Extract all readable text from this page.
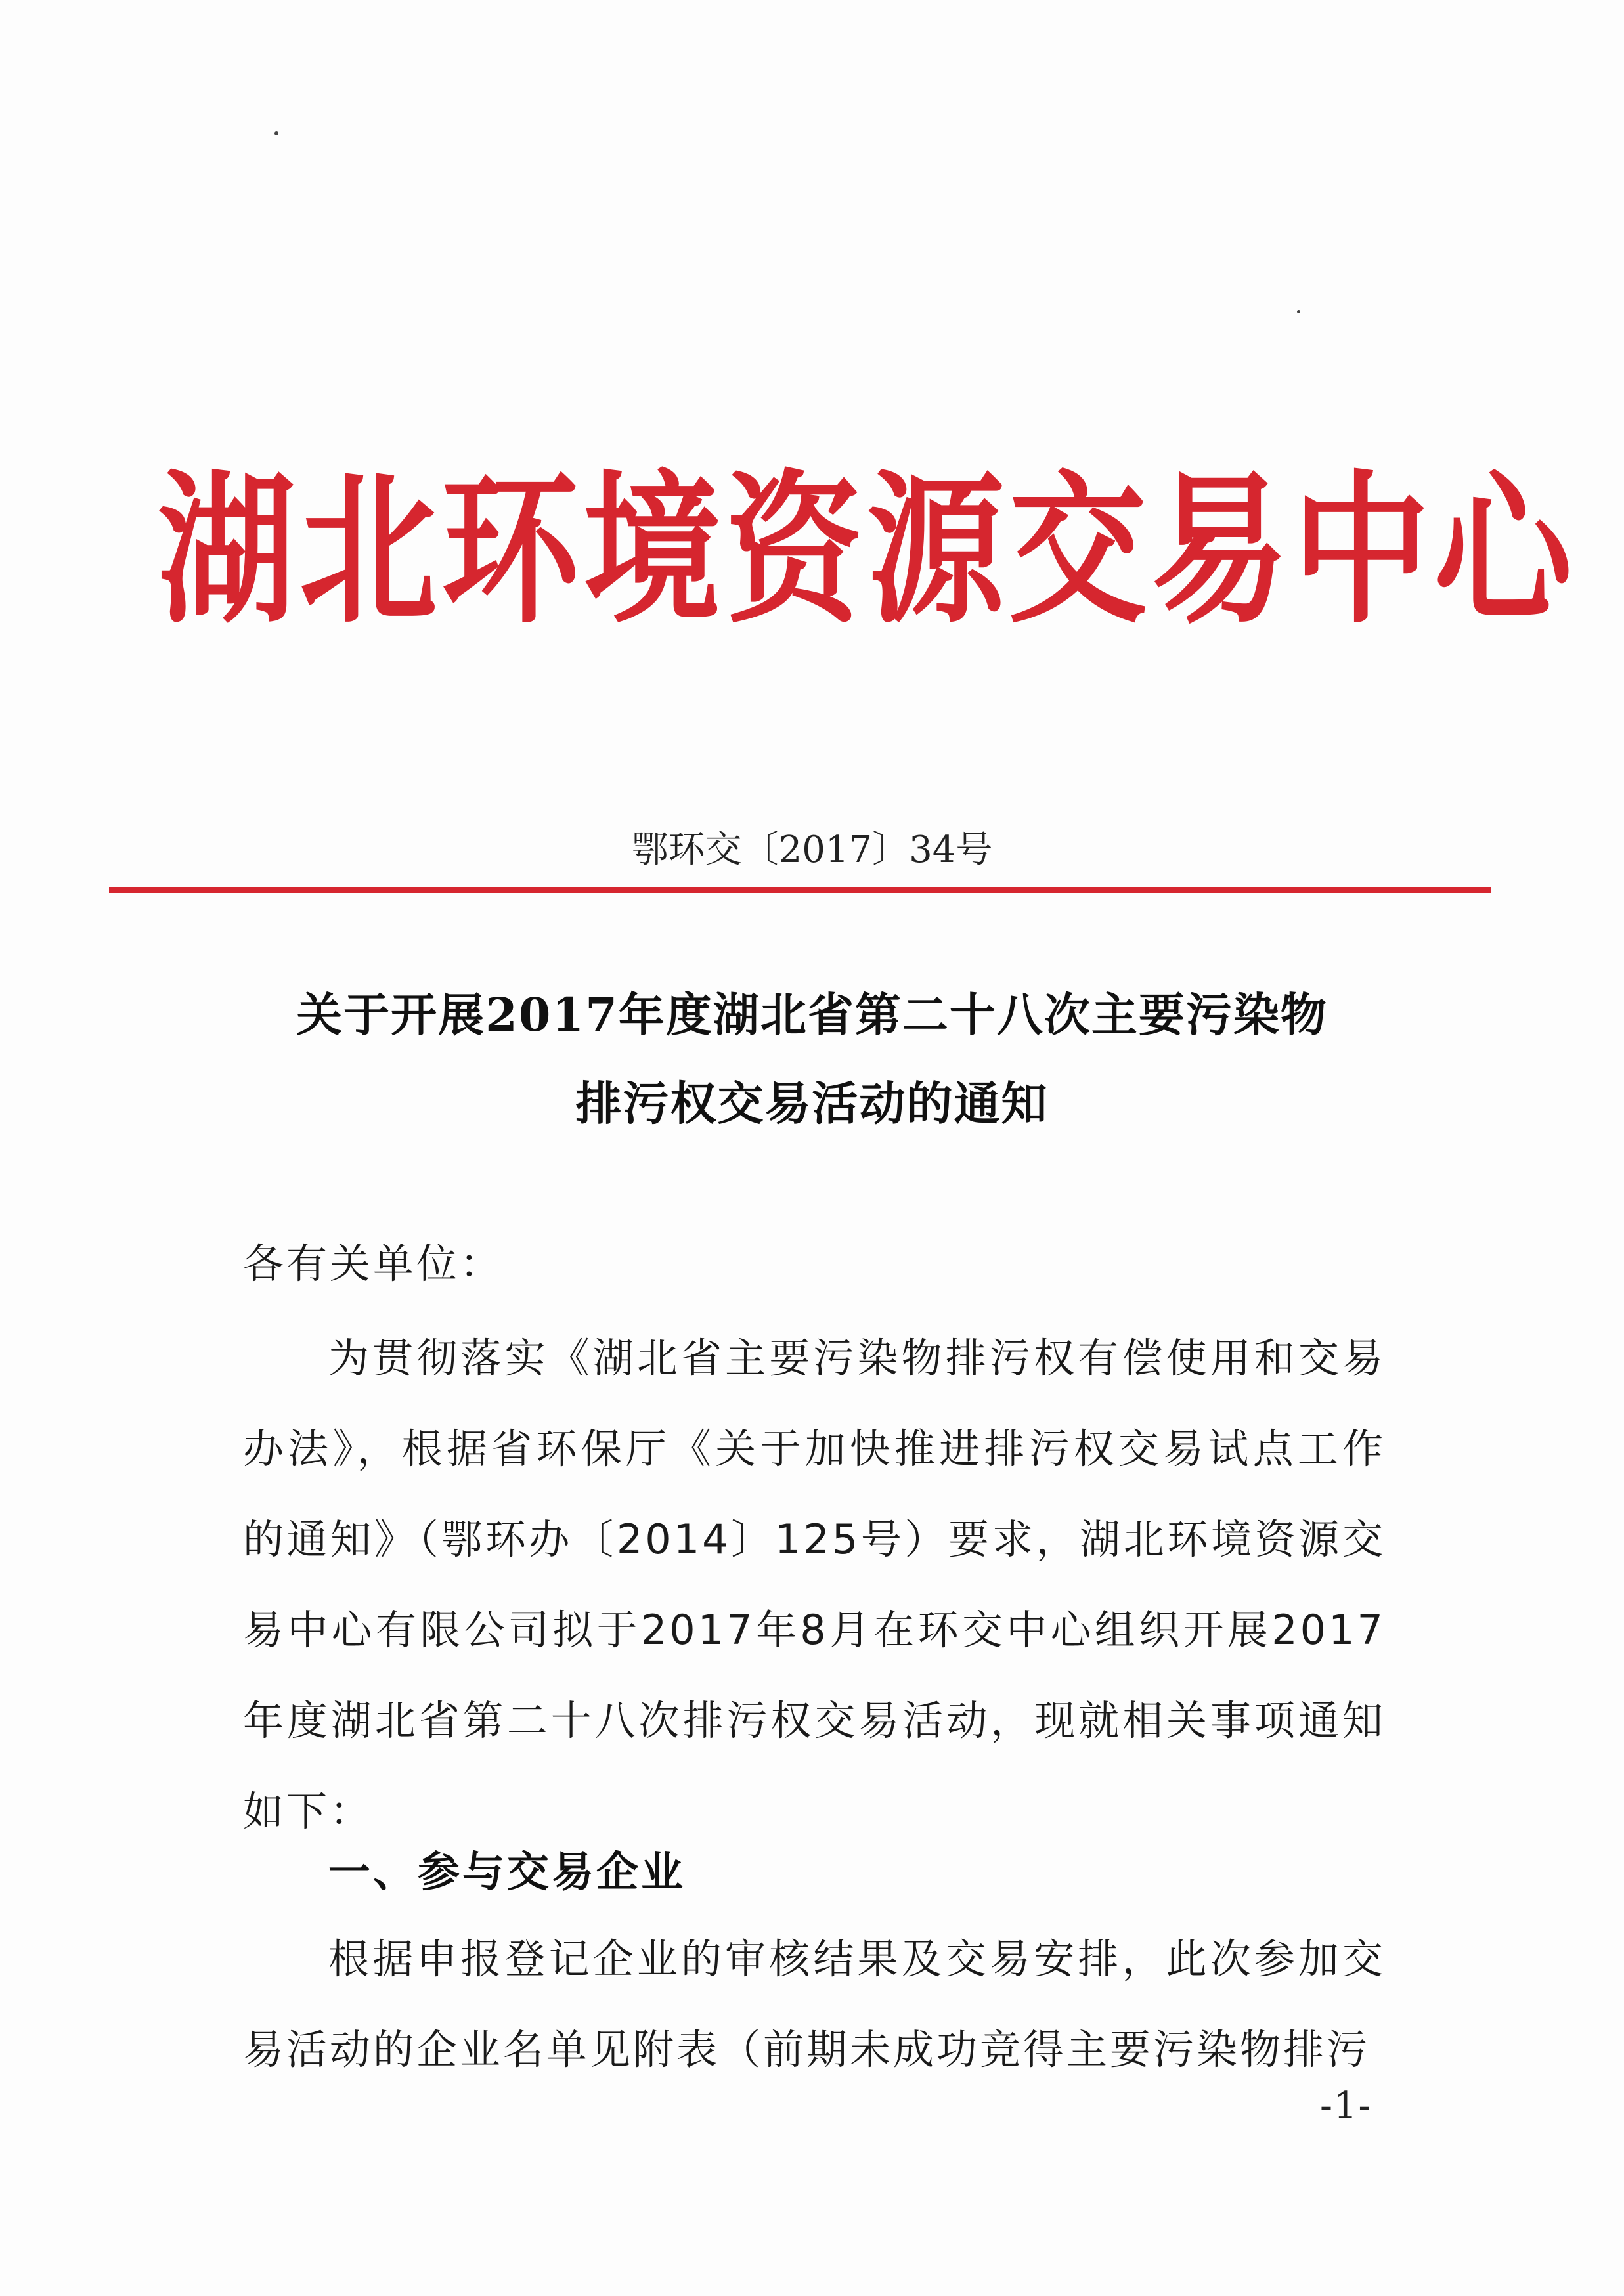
湖北环境资源交易中心
鄂环交〔2017〕34号
关于开展2017年度湖北省第二十八次主要污染物
排污权交易活动的通知
各有关单位：
为贯彻落实《湖北省主要污染物排污权有偿使用和交易办法》，根据省环保厅《关于加快推进排污权交易试点工作的通知》（鄂环办〔2014〕125号）要求，湖北环境资源交易中心有限公司拟于2017年8月在环交中心组织开展2017年度湖北省第二十八次排污权交易活动，现就相关事项通知如下：
一、参与交易企业
根据申报登记企业的审核结果及交易安排，此次参加交易活动的企业名单见附表（前期未成功竞得主要污染物排污
-1-
